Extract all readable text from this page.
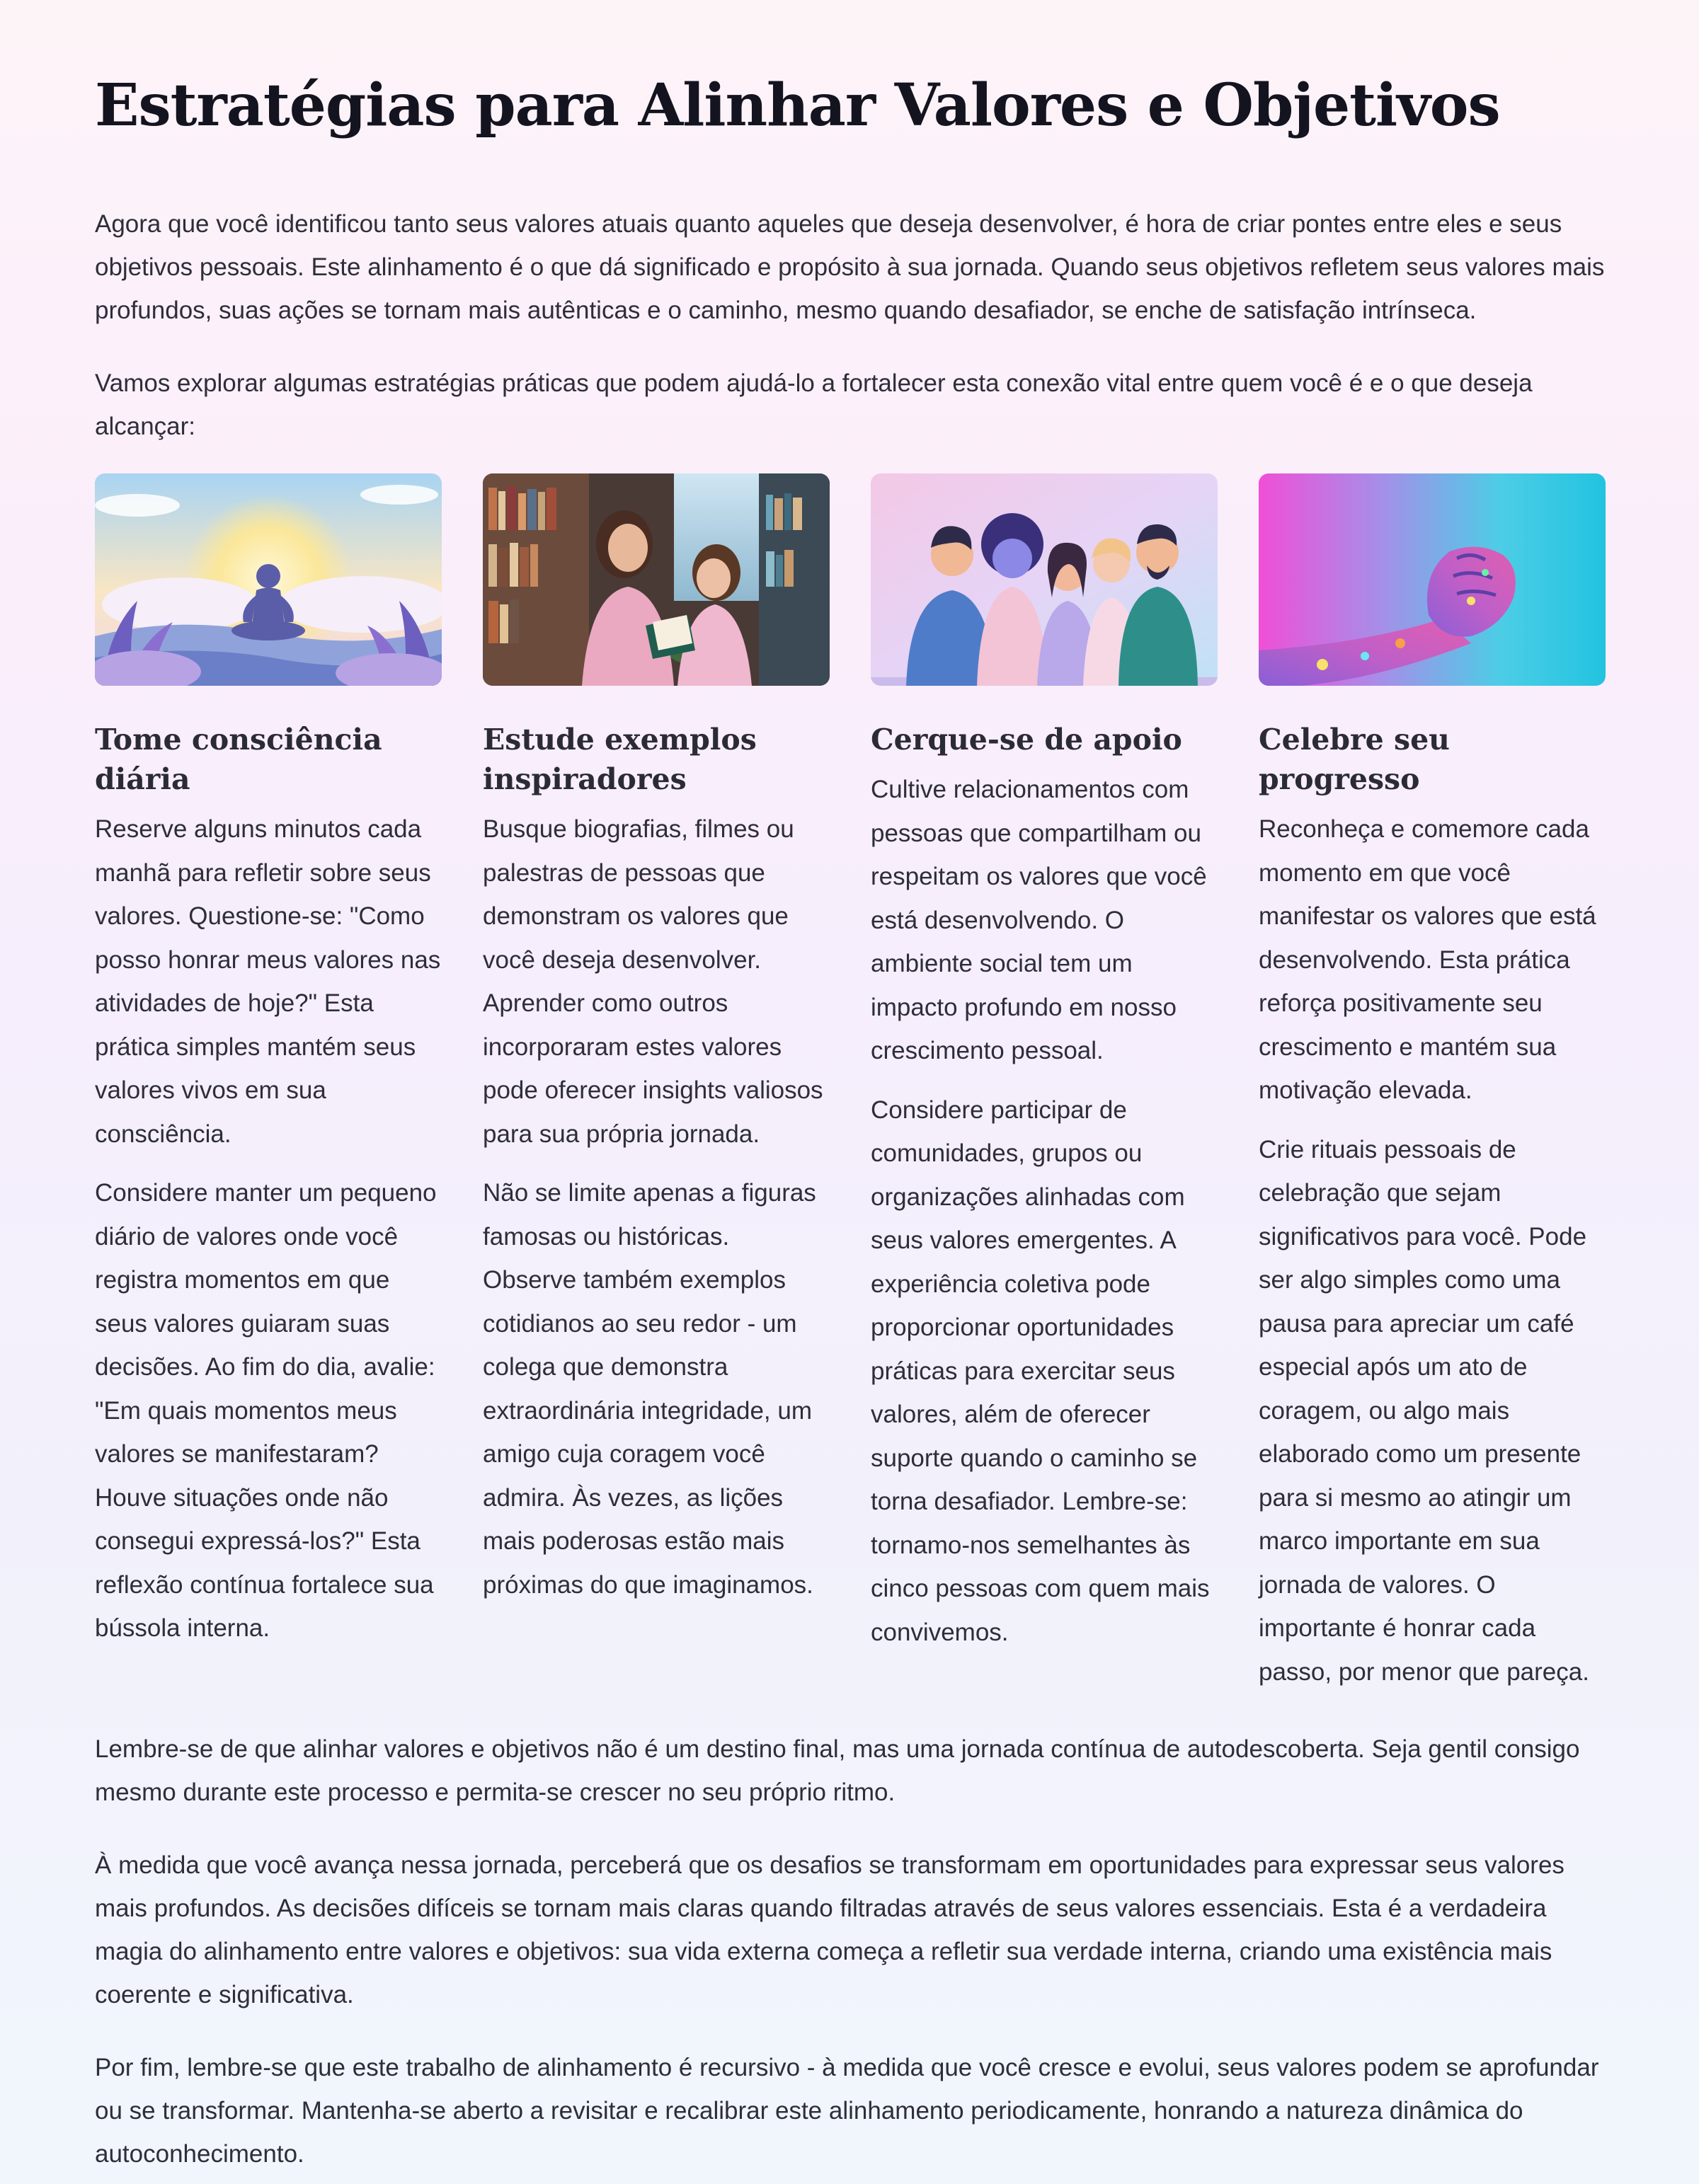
Estratégias para Alinhar Valores e Objetivos

Agora que você identificou tanto seus valores atuais quanto aqueles que deseja desenvolver, é hora de criar pontes entre eles e seus objetivos pessoais. Este alinhamento é o que dá significado e propósito à sua jornada. Quando seus objetivos refletem seus valores mais profundos, suas ações se tornam mais autênticas e o caminho, mesmo quando desafiador, se enche de satisfação intrínseca.

Vamos explorar algumas estratégias práticas que podem ajudá-lo a fortalecer esta conexão vital entre quem você é e o que deseja alcançar:

Tome consciência diária

Reserve alguns minutos cada manhã para refletir sobre seus valores. Questione-se: "Como posso honrar meus valores nas atividades de hoje?" Esta prática simples mantém seus valores vivos em sua consciência.

Considere manter um pequeno diário de valores onde você registra momentos em que seus valores guiaram suas decisões. Ao fim do dia, avalie: "Em quais momentos meus valores se manifestaram? Houve situações onde não consegui expressá-los?" Esta reflexão contínua fortalece sua bússola interna.

Estude exemplos inspiradores

Busque biografias, filmes ou palestras de pessoas que demonstram os valores que você deseja desenvolver. Aprender como outros incorporaram estes valores pode oferecer insights valiosos para sua própria jornada.

Não se limite apenas a figuras famosas ou históricas. Observe também exemplos cotidianos ao seu redor - um colega que demonstra extraordinária integridade, um amigo cuja coragem você admira. Às vezes, as lições mais poderosas estão mais próximas do que imaginamos.

Cerque-se de apoio

Cultive relacionamentos com pessoas que compartilham ou respeitam os valores que você está desenvolvendo. O ambiente social tem um impacto profundo em nosso crescimento pessoal.

Considere participar de comunidades, grupos ou organizações alinhadas com seus valores emergentes. A experiência coletiva pode proporcionar oportunidades práticas para exercitar seus valores, além de oferecer suporte quando o caminho se torna desafiador. Lembre-se: tornamo-nos semelhantes às cinco pessoas com quem mais convivemos.

Celebre seu progresso

Reconheça e comemore cada momento em que você manifestar os valores que está desenvolvendo. Esta prática reforça positivamente seu crescimento e mantém sua motivação elevada.

Crie rituais pessoais de celebração que sejam significativos para você. Pode ser algo simples como uma pausa para apreciar um café especial após um ato de coragem, ou algo mais elaborado como um presente para si mesmo ao atingir um marco importante em sua jornada de valores. O importante é honrar cada passo, por menor que pareça.

Lembre-se de que alinhar valores e objetivos não é um destino final, mas uma jornada contínua de autodescoberta. Seja gentil consigo mesmo durante este processo e permita-se crescer no seu próprio ritmo.

À medida que você avança nessa jornada, perceberá que os desafios se transformam em oportunidades para expressar seus valores mais profundos. As decisões difíceis se tornam mais claras quando filtradas através de seus valores essenciais. Esta é a verdadeira magia do alinhamento entre valores e objetivos: sua vida externa começa a refletir sua verdade interna, criando uma existência mais coerente e significativa.

Por fim, lembre-se que este trabalho de alinhamento é recursivo - à medida que você cresce e evolui, seus valores podem se aprofundar ou se transformar. Mantenha-se aberto a revisitar e recalibrar este alinhamento periodicamente, honrando a natureza dinâmica do autoconhecimento.
